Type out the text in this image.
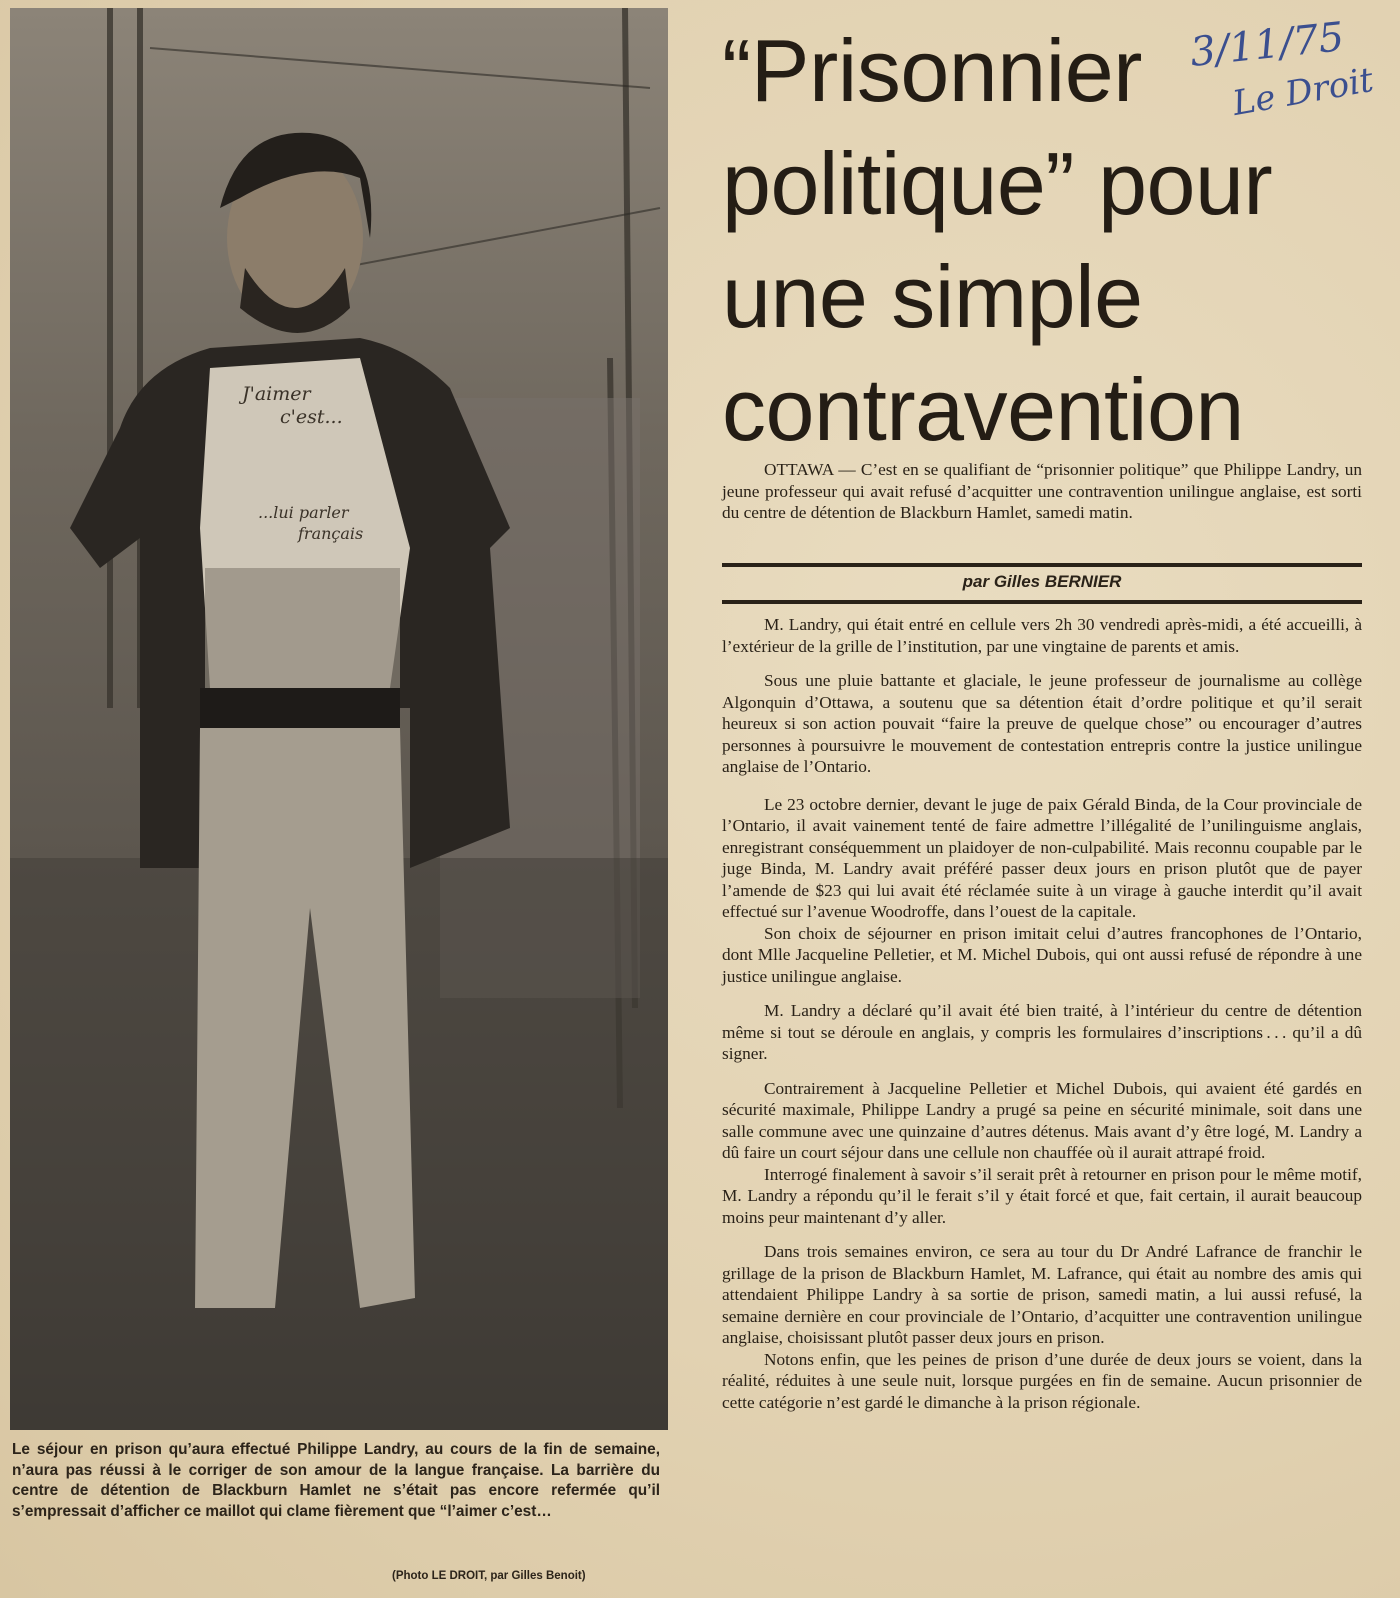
J'aimer
c'est...
...lui parler
français
Le séjour en prison qu’aura effectué Philippe Landry, au cours de la fin de semaine, n’aura pas réussi à le corriger de son amour de la langue française. La barrière du centre de détention de Blackburn Hamlet ne s’était pas encore refermée qu’il s’empressait d’afficher ce maillot qui clame fièrement que “l’aimer c’est…
(Photo LE DROIT, par Gilles Benoit)
3/11/75
Le Droit
“Prisonnier
politique” pour
une simple
contravention

OTTAWA — C’est en se qualifiant de “prisonnier politique” que Philippe Landry, un jeune professeur qui avait refusé d’acquitter une contravention unilingue anglaise, est sorti du centre de détention de Blackburn Hamlet, samedi matin.

par Gilles BERNIER

M. Landry, qui était entré en cellule vers 2h 30 vendredi après-midi, a été accueilli, à l’extérieur de la grille de l’institution, par une vingtaine de parents et amis.

Sous une pluie battante et glaciale, le jeune professeur de journalisme au collège Algonquin d’Ottawa, a soutenu que sa détention était d’ordre politique et qu’il serait heureux si son action pouvait “faire la preuve de quelque chose” ou encourager d’autres personnes à poursuivre le mouvement de contestation entrepris contre la justice unilingue anglaise de l’Ontario.

Le 23 octobre dernier, devant le juge de paix Gérald Binda, de la Cour provinciale de l’Ontario, il avait vainement tenté de faire admettre l’illégalité de l’unilinguisme anglais, enregistrant conséquemment un plaidoyer de non-culpabilité. Mais reconnu coupable par le juge Binda, M. Landry avait préféré passer deux jours en prison plutôt que de payer l’amende de $23 qui lui avait été réclamée suite à un virage à gauche interdit qu’il avait effectué sur l’avenue Woodroffe, dans l’ouest de la capitale.

Son choix de séjourner en prison imitait celui d’autres francophones de l’Ontario, dont Mlle Jacqueline Pelletier, et M. Michel Dubois, qui ont aussi refusé de répondre à une justice unilingue anglaise.

M. Landry a déclaré qu’il avait été bien traité, à l’intérieur du centre de détention même si tout se déroule en anglais, y compris les formulaires d’inscriptions . . . qu’il a dû signer.

Contrairement à Jacqueline Pelletier et Michel Dubois, qui avaient été gardés en sécurité maximale, Philippe Landry a prugé sa peine en sécurité minimale, soit dans une salle commune avec une quinzaine d’autres détenus. Mais avant d’y être logé, M. Landry a dû faire un court séjour dans une cellule non chauffée où il aurait attrapé froid.

Interrogé finalement à savoir s’il serait prêt à retourner en prison pour le même motif, M. Landry a répondu qu’il le ferait s’il y était forcé et que, fait certain, il aurait beaucoup moins peur maintenant d’y aller.

Dans trois semaines environ, ce sera au tour du Dr André Lafrance de franchir le grillage de la prison de Blackburn Hamlet, M. Lafrance, qui était au nombre des amis qui attendaient Philippe Landry à sa sortie de prison, samedi matin, a lui aussi refusé, la semaine dernière en cour provinciale de l’Ontario, d’acquitter une contravention unilingue anglaise, choisissant plutôt passer deux jours en prison.

Notons enfin, que les peines de prison d’une durée de deux jours se voient, dans la réalité, réduites à une seule nuit, lorsque purgées en fin de semaine. Aucun prisonnier de cette catégorie n’est gardé le dimanche à la prison régionale.
